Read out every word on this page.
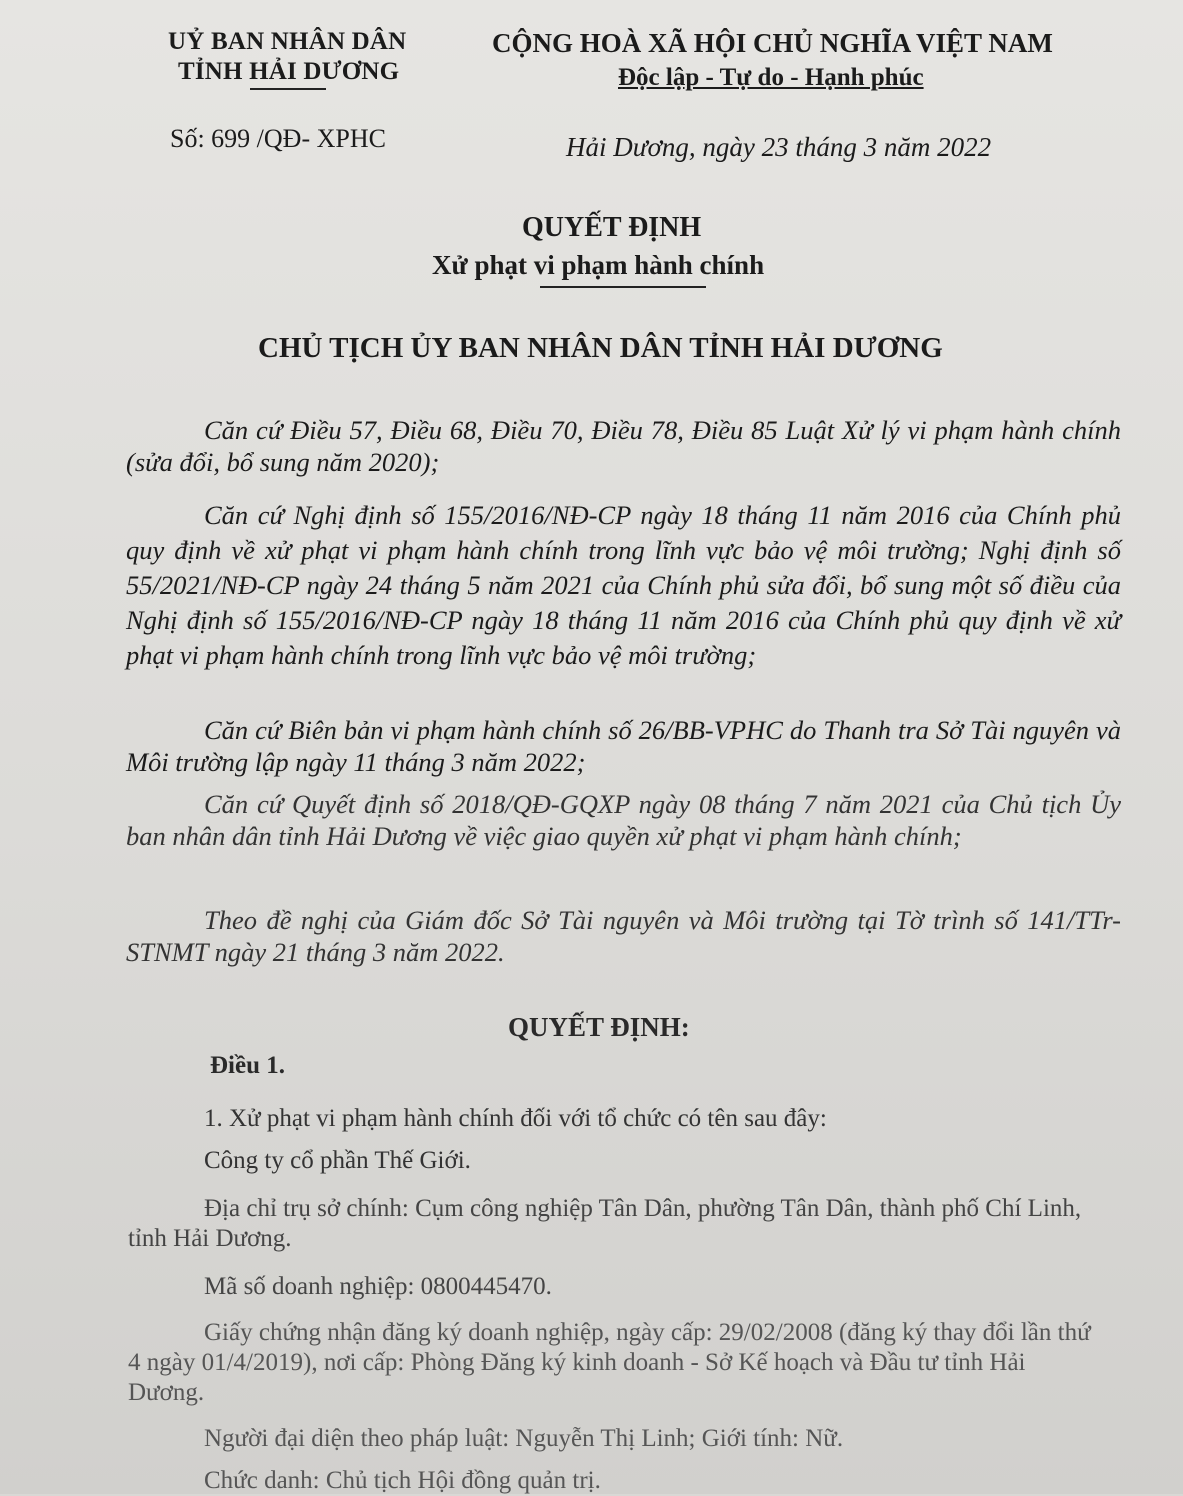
UỶ BAN NHÂN DÂN
TỈNH HẢI DƯƠNG
Số: 699 /QĐ- XPHC
CỘNG HOÀ XÃ HỘI CHỦ NGHĨA VIỆT NAM
Độc lập - Tự do - Hạnh phúc
Hải Dương, ngày 23 tháng 3 năm 2022
QUYẾT ĐỊNH
Xử phạt vi phạm hành chính
CHỦ TỊCH ỦY BAN NHÂN DÂN TỈNH HẢI DƯƠNG
Căn cứ Điều 57, Điều 68, Điều 70, Điều 78, Điều 85 Luật Xử lý vi phạm hành chính (sửa đổi, bổ sung năm 2020);
Căn cứ Nghị định số 155/2016/NĐ-CP ngày 18 tháng 11 năm 2016 của Chính phủ quy định về xử phạt vi phạm hành chính trong lĩnh vực bảo vệ môi trường; Nghị định số 55/2021/NĐ-CP ngày 24 tháng 5 năm 2021 của Chính phủ sửa đổi, bổ sung một số điều của Nghị định số 155/2016/NĐ-CP ngày 18 tháng 11 năm 2016 của Chính phủ quy định về xử phạt vi phạm hành chính trong lĩnh vực bảo vệ môi trường;
Căn cứ Biên bản vi phạm hành chính số 26/BB-VPHC do Thanh tra Sở Tài nguyên và Môi trường lập ngày 11 tháng 3 năm 2022;
Căn cứ Quyết định số 2018/QĐ-GQXP ngày 08 tháng 7 năm 2021 của Chủ tịch Ủy ban nhân dân tỉnh Hải Dương về việc giao quyền xử phạt vi phạm hành chính;
Theo đề nghị của Giám đốc Sở Tài nguyên và Môi trường tại Tờ trình số 141/TTr-STNMT ngày 21 tháng 3 năm 2022.
QUYẾT ĐỊNH:
Điều 1.
1. Xử phạt vi phạm hành chính đối với tổ chức có tên sau đây:
Công ty cổ phần Thế Giới.
Địa chỉ trụ sở chính: Cụm công nghiệp Tân Dân, phường Tân Dân, thành phố Chí Linh, tỉnh Hải Dương.
Mã số doanh nghiệp: 0800445470.
Giấy chứng nhận đăng ký doanh nghiệp, ngày cấp: 29/02/2008 (đăng ký thay đổi lần thứ 4 ngày 01/4/2019), nơi cấp: Phòng Đăng ký kinh doanh - Sở Kế hoạch và Đầu tư tỉnh Hải Dương.
Người đại diện theo pháp luật: Nguyễn Thị Linh; Giới tính: Nữ.
Chức danh: Chủ tịch Hội đồng quản trị.
